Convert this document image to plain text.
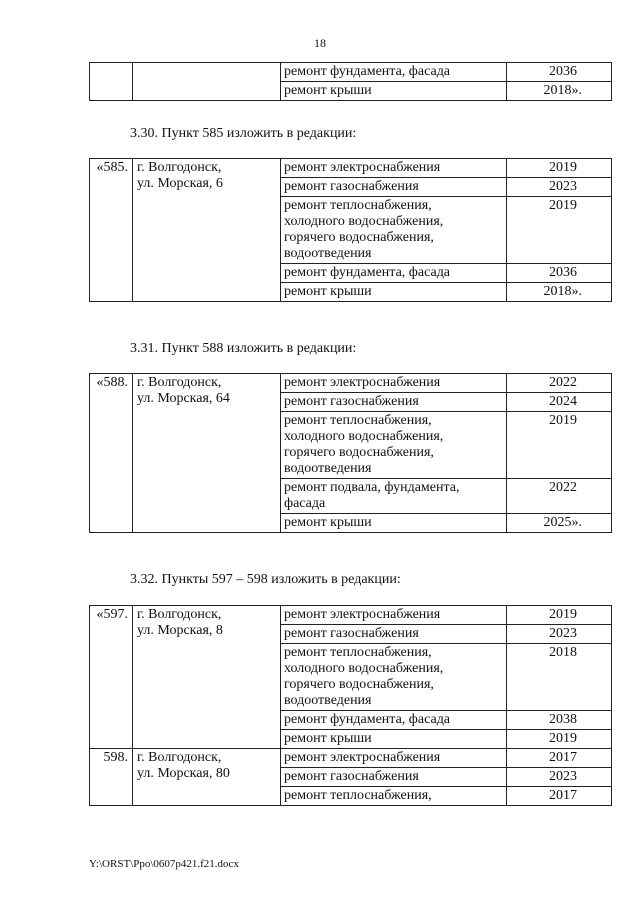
18
		ремонт фундамента, фасада	2036
		ремонт крыши	2018».
3.30. Пункт 585 изложить в редакции:
«585.	г. Волгодонск,
ул. Морская, 6	ремонт электроснабжения	2019
		ремонт газоснабжения	2023
		ремонт теплоснабжения,
холодного водоснабжения,
горячего водоснабжения,
водоотведения	2019
		ремонт фундамента, фасада	2036
		ремонт крыши	2018».
3.31. Пункт 588 изложить в редакции:
«588.	г. Волгодонск,
ул. Морская, 64	ремонт электроснабжения	2022
		ремонт газоснабжения	2024
		ремонт теплоснабжения,
холодного водоснабжения,
горячего водоснабжения,
водоотведения	2019
		ремонт подвала, фундамента,
фасада	2022
		ремонт крыши	2025».
3.32. Пункты 597 – 598 изложить в редакции:
«597.	г. Волгодонск,
ул. Морская, 8	ремонт электроснабжения	2019
		ремонт газоснабжения	2023
		ремонт теплоснабжения,
холодного водоснабжения,
горячего водоснабжения,
водоотведения	2018
		ремонт фундамента, фасада	2038
		ремонт крыши	2019
598.	г. Волгодонск,
ул. Морская, 80	ремонт электроснабжения	2017
		ремонт газоснабжения	2023
		ремонт теплоснабжения,	2017
Y:\ORST\Ppo\0607p421.f21.docx
